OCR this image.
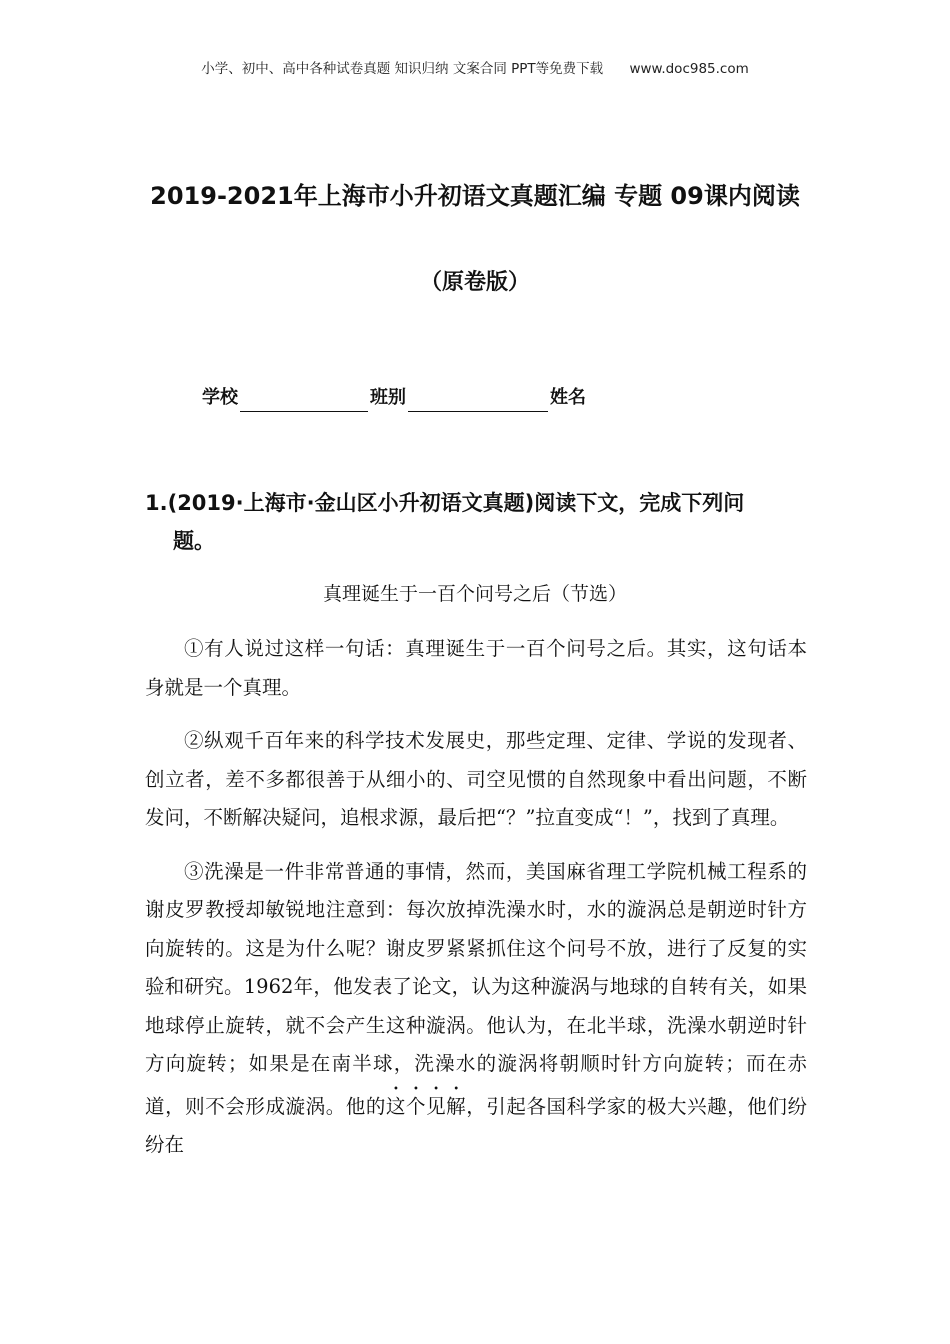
小学、初中、高中各种试卷真题 知识归纳 文案合同 PPT等免费下载 www.doc985.com
2019-2021年上海市小升初语文真题汇编 专题 09课内阅读
（原卷版）
学校	班别	姓名
1.(2019·上海市·金山区小升初语文真题)阅读下文，完成下列问
题。
真理诞生于一百个问号之后（节选）

①有人说过这样一句话：真理诞生于一百个问号之后。其实，这句话本身就是一个真理。

②纵观千百年来的科学技术发展史，那些定理、定律、学说的发现者、创立者，差不多都很善于从细小的、司空见惯的自然现象中看出问题，不断发问，不断解决疑问，追根求源，最后把“？”拉直变成“！”，找到了真理。

③洗澡是一件非常普通的事情，然而，美国麻省理工学院机械工程系的谢皮罗教授却敏锐地注意到：每次放掉洗澡水时，水的漩涡总是朝逆时针方向旋转的。这是为什么呢？谢皮罗紧紧抓住这个问号不放，进行了反复的实验和研究。1962年，他发表了论文，认为这种漩涡与地球的自转有关，如果地球停止旋转，就不会产生这种漩涡。他认为，在北半球，洗澡水朝逆时针方向旋转；如果是在南半球，洗澡水的漩涡将朝顺时针方向旋转；而在赤道，则不会形成漩涡。他的这个见解，引起各国科学家的极大兴趣，他们纷纷在
